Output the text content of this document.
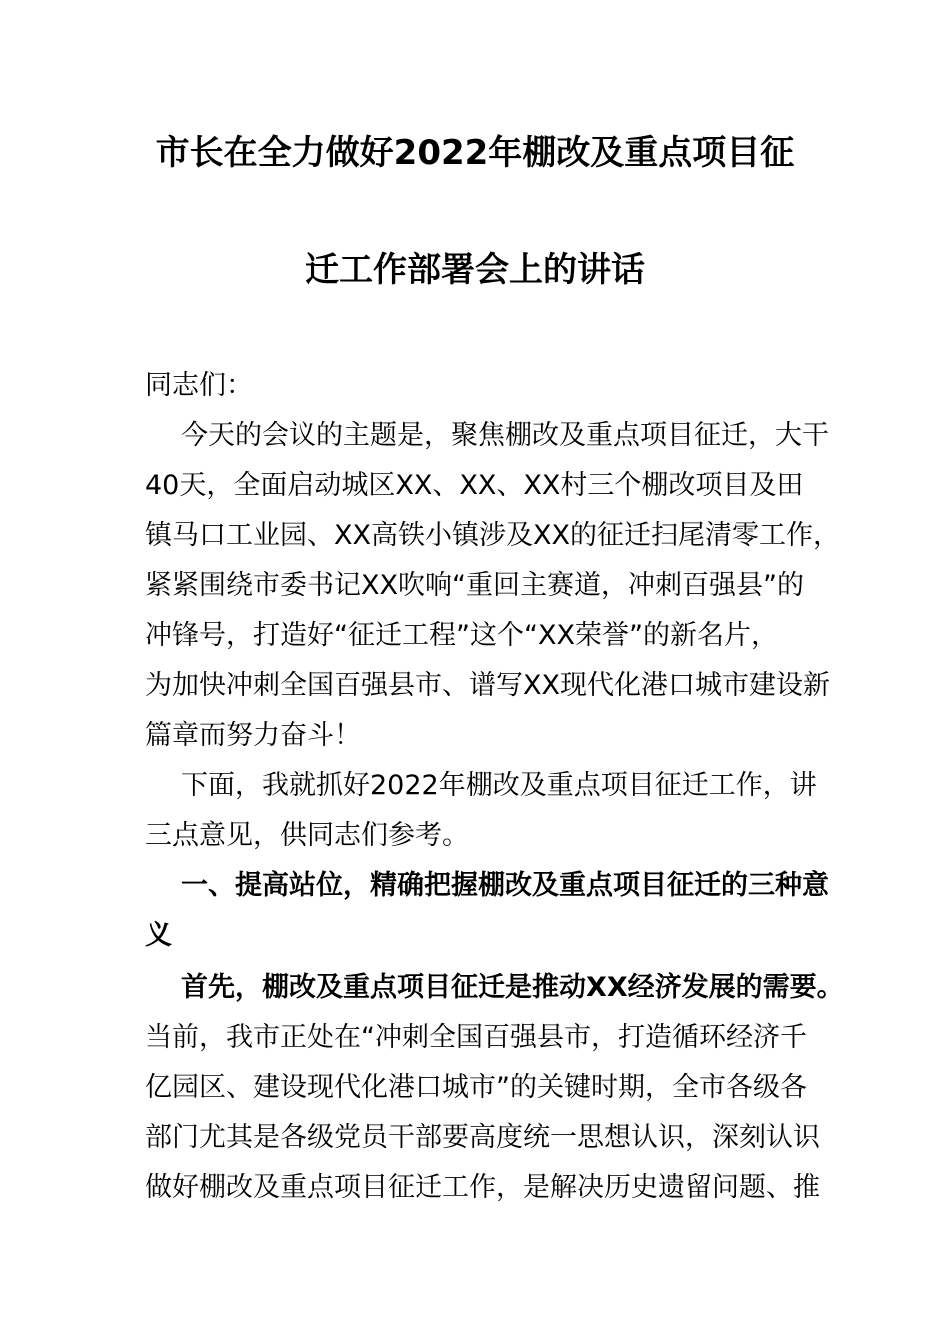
市长在全力做好2022年棚改及重点项目征
迁工作部署会上的讲话
同志们：
今天的会议的主题是，聚焦棚改及重点项目征迁，大干
40天，全面启动城区XX、XX、XX村三个棚改项目及田
镇马口工业园、XX高铁小镇涉及XX的征迁扫尾清零工作，
紧紧围绕市委书记XX吹响“重回主赛道，冲刺百强县”的
冲锋号，打造好“征迁工程”这个“XX荣誉”的新名片，
为加快冲刺全国百强县市、谱写XX现代化港口城市建设新
篇章而努力奋斗！
下面，我就抓好2022年棚改及重点项目征迁工作，讲
三点意见，供同志们参考。
一、提高站位，精确把握棚改及重点项目征迁的三种意
义
首先，棚改及重点项目征迁是推动XX经济发展的需要。
当前，我市正处在“冲刺全国百强县市，打造循环经济千
亿园区、建设现代化港口城市”的关键时期，全市各级各
部门尤其是各级党员干部要高度统一思想认识，深刻认识
做好棚改及重点项目征迁工作，是解决历史遗留问题、推
